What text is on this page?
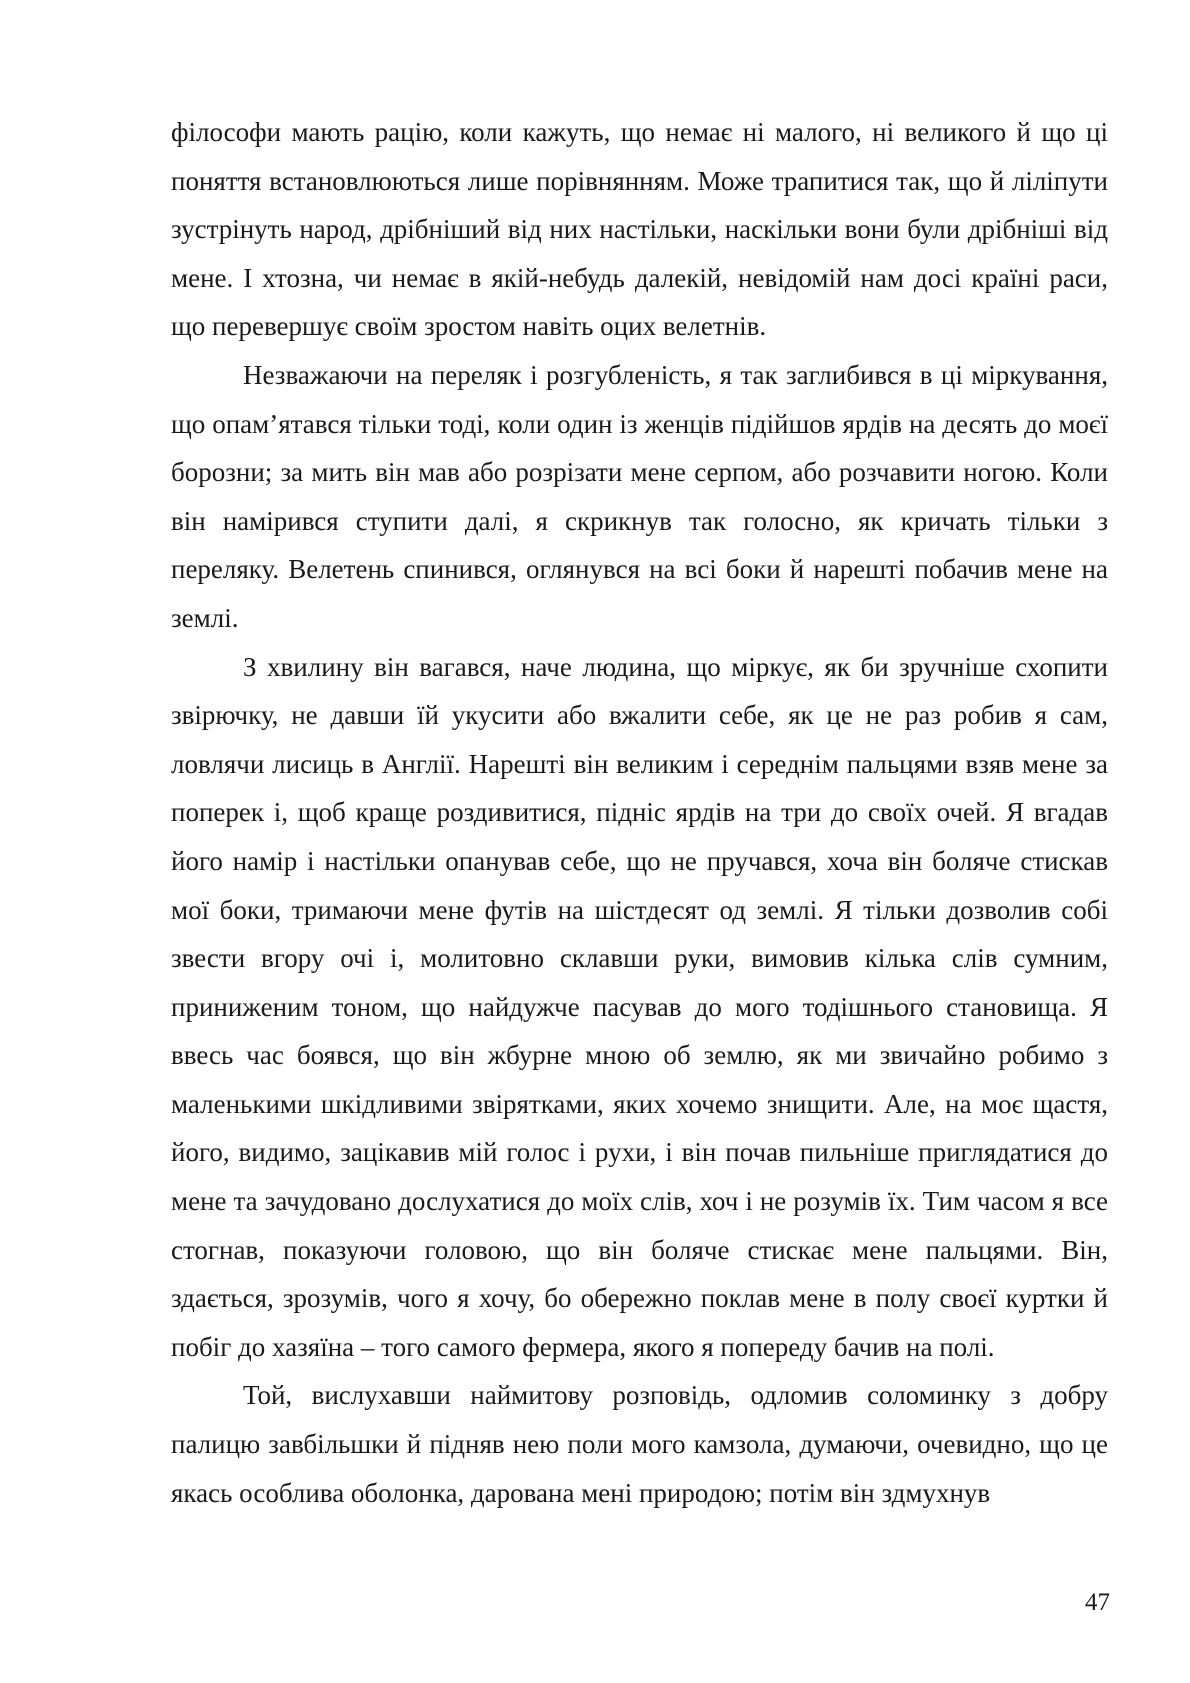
філософи мають рацію, коли кажуть, що немає ні малого, ні великого й що ці поняття встановлюються лише порівнянням. Може трапитися так, що й ліліпути зустрінуть народ, дрібніший від них настільки, наскільки вони були дрібніші від мене. І хтозна, чи немає в якій-небудь далекій, невідомій нам досі країні раси, що перевершує своїм зростом навіть оцих велетнів.

Незважаючи на переляк і розгубленість, я так заглибився в ці міркування, що опам’ятався тільки тоді, коли один із женців підійшов ярдів на десять до моєї борозни; за мить він мав або розрізати мене серпом, або розчавити ногою. Коли він намірився ступити далі, я скрикнув так голосно, як кричать тільки з переляку. Велетень спинився, оглянувся на всі боки й нарешті побачив мене на землі.

З хвилину він вагався, наче людина, що міркує, як би зручніше схопити звірючку, не давши їй укусити або вжалити себе, як це не раз робив я сам, ловлячи лисиць в Англії. Нарешті він великим і середнім пальцями взяв мене за поперек і, щоб краще роздивитися, підніс ярдів на три до своїх очей. Я вгадав його намір і настільки опанував себе, що не пручався, хоча він боляче стискав мої боки, тримаючи мене футів на шістдесят од землі. Я тільки дозволив собі звести вгору очі і, молитовно склавши руки, вимовив кілька слів сумним, приниженим тоном, що найдужче пасував до мого тодішнього становища. Я ввесь час боявся, що він жбурне мною об землю, як ми звичайно робимо з маленькими шкідливими звірятками, яких хочемо знищити. Але, на моє щастя, його, видимо, зацікавив мій голос і рухи, і він почав пильніше приглядатися до мене та зачудовано дослухатися до моїх слів, хоч і не розумів їх. Тим часом я все стогнав, показуючи головою, що він боляче стискає мене пальцями. Він, здається, зрозумів, чого я хочу, бо обережно поклав мене в полу своєї куртки й побіг до хазяїна – того самого фермера, якого я попереду бачив на полі.

Той, вислухавши наймитову розповідь, одломив соломинку з добру палицю завбільшки й підняв нею поли мого камзола, думаючи, очевидно, що це якась особлива оболонка, дарована мені природою; потім він здмухнув

47
